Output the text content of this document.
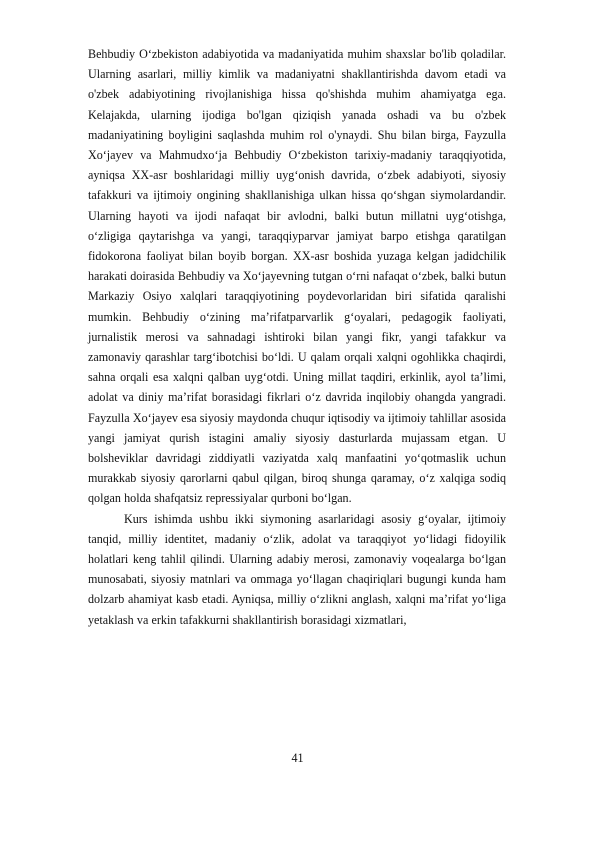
Behbudiy O‘zbekiston adabiyotida va madaniyatida muhim shaxslar bo'lib qoladilar. Ularning asarlari, milliy kimlik va madaniyatni shakllantirishda davom etadi va o'zbek adabiyotining rivojlanishiga hissa qo'shishda muhim ahamiyatga ega. Kelajakda, ularning ijodiga bo'lgan qiziqish yanada oshadi va bu o'zbek madaniyatining boyligini saqlashda muhim rol o'ynaydi. Shu bilan birga, Fayzulla Xo‘jayev va Mahmudxo‘ja Behbudiy O‘zbekiston tarixiy-madaniy taraqqiyotida, ayniqsa XX-asr boshlaridagi milliy uyg‘onish davrida, o‘zbek adabiyoti, siyosiy tafakkuri va ijtimoiy ongining shakllanishiga ulkan hissa qo‘shgan siymolardandir. Ularning hayoti va ijodi nafaqat bir avlodni, balki butun millatni uyg‘otishga, o‘zligiga qaytarishga va yangi, taraqqiyparvar jamiyat barpo etishga qaratilgan fidokorona faoliyat bilan boyib borgan. XX-asr boshida yuzaga kelgan jadidchilik harakati doirasida Behbudiy va Xo‘jayevning tutgan o‘rni nafaqat o‘zbek, balki butun Markaziy Osiyo xalqlari taraqqiyotining poydevorlaridan biri sifatida qaralishi mumkin. Behbudiy o‘zining ma’rifatparvarlik g‘oyalari, pedagogik faoliyati, jurnalistik merosi va sahnadagi ishtiroki bilan yangi fikr, yangi tafakkur va zamonaviy qarashlar targ‘ibotchisi bo‘ldi. U qalam orqali xalqni ogohlikka chaqirdi, sahna orqali esa xalqni qalban uyg‘otdi. Uning millat taqdiri, erkinlik, ayol ta’limi, adolat va diniy ma’rifat borasidagi fikrlari o‘z davrida inqilobiy ohangda yangradi. Fayzulla Xo‘jayev esa siyosiy maydonda chuqur iqtisodiy va ijtimoiy tahlillar asosida yangi jamiyat qurish istagini amaliy siyosiy dasturlarda mujassam etgan. U bolsheviklar davridagi ziddiyatli vaziyatda xalq manfaatini yo‘qotmaslik uchun murakkab siyosiy qarorlarni qabul qilgan, biroq shunga qaramay, o‘z xalqiga sodiq qolgan holda shafqatsiz repressiyalar qurboni bo‘lgan.

Kurs ishimda ushbu ikki siymoning asarlaridagi asosiy g‘oyalar, ijtimoiy tanqid, milliy identitet, madaniy o‘zlik, adolat va taraqqiyot yo‘lidagi fidoyilik holatlari keng tahlil qilindi. Ularning adabiy merosi, zamonaviy voqealarga bo‘lgan munosabati, siyosiy matnlari va ommaga yo‘llagan chaqiriqlari bugungi kunda ham dolzarb ahamiyat kasb etadi. Ayniqsa, milliy o‘zlikni anglash, xalqni ma’rifat yo‘liga yetaklash va erkin tafakkurni shakllantirish borasidagi xizmatlari,

41
